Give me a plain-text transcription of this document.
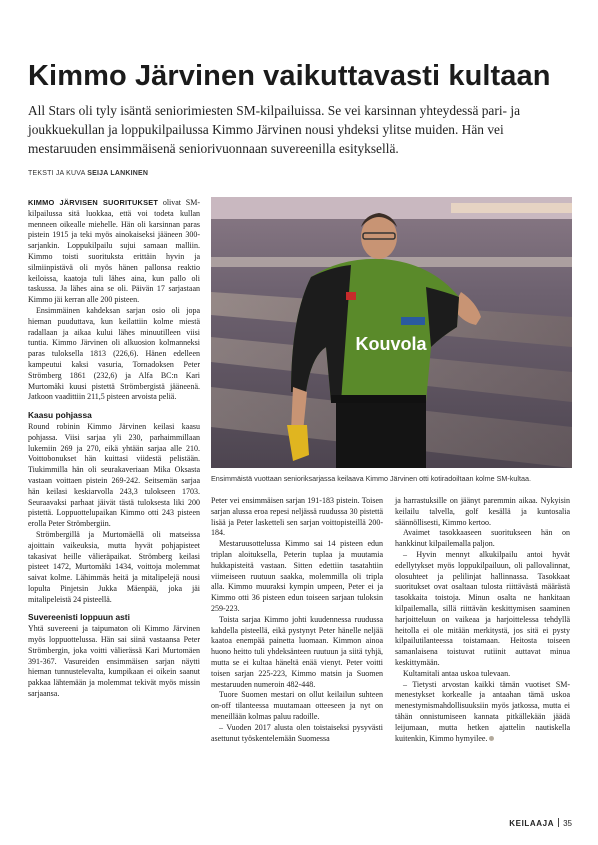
Kimmo Järvinen vaikuttavasti kultaan
All Stars oli tyly isäntä seniorimiesten SM-kilpailuissa. Se vei karsinnan yhteydessä pari- ja joukkuekullan ja loppukilpailussa Kimmo Järvinen nousi yhdeksi ylitse muiden. Hän vei mestaruuden ensimmäisenä seniorivuonnaan suvereenilla esityksellä.
TEKSTI JA KUVA SEIJA LANKINEN

KIMMO JÄRVISEN SUORITUKSET olivat SM-kilpailussa sitä luokkaa, että voi todeta kullan menneen oikealle miehelle. Hän oli karsinnan paras pistein 1915 ja teki myös ainokaiseksi jääneen 300-sarjankin. Loppukilpailu sujui samaan malliin. Kimmo toisti suorituksta erittäin hyvin ja silmiinpistävä oli myös hänen pallonsa reaktio keiloissa, kaatoja tuli lähes aina, kun pallo oli taskussa. Ja lähes aina se oli. Päivän 17 sarjastaan Kimmo jäi kerran alle 200 pisteen.

Ensimmäinen kahdeksan sarjan osio oli jopa hieman puuduttava, kun keilattiin kolme miestä radallaan ja aikaa kului lähes minuutilleen viisi tuntia. Kimmo Järvinen oli alkuosion kolmanneksi paras tuloksella 1813 (226,6). Hänen edelleen kampeutui kaksi vasuria, Tornadoksen Peter Strömberg 1861 (232,6) ja Alfa BC:n Kari Murtomäki kuusi pistettä Strömbergistä jääneenä. Jatkoon vaadittiin 211,5 pisteen arvoista peliä.

Kaasu pohjassa

Round robinin Kimmo Järvinen keilasi kaasu pohjassa. Viisi sarjaa yli 230, parhaimmillaan lukemiin 269 ja 270, eikä yhtään sarjaa alle 210. Voittobonukset hän kuittasi viidestä pelistään. Tiukimmilla hän oli seurakaveriaan Mika Oksasta vastaan voittaen pistein 269-242. Seitsemän sarjaa hän keilasi keskiarvolla 243,3 tulokseen 1703. Seuraavaksi parhaat jäivät tästä tuloksesta liki 200 pistettä. Loppuottelupaikan Kimmo otti 243 pisteen erolla Peter Strömbergiin.

Strömbergillä ja Murtomäellä oli matseissa ajoittain vaikeuksia, mutta hyvät pohjapisteet takasivat heille välieräpaikat. Strömberg keilasi pisteet 1472, Murtomäki 1434, voittoja molemmat saivat kolme. Lähimmäs heitä ja mitalipelejä nousi lopulta Pinjetsin Jukka Mäenpää, joka jäi mitalipeleistä 24 pisteellä.

Suvereenisti loppuun asti

Yhtä suvereeni ja taipumaton oli Kimmo Järvinen myös loppuottelussa. Hän sai siinä vastaansa Peter Strömbergin, joka voitti välierässä Kari Murtomäen 391-367. Vasureiden ensimmäisen sarjan näytti hieman tunnustelevalta, kumpikaan ei oikein saanut pakkaa lähtemään ja molemmat tekivät myös missin sarjaansa.

Kouvola
Ensimmäistä vuottaan senioriksarjassa keilaava Kimmo Järvinen otti kotiradoiltaan kolme SM-kultaa.

Peter vei ensimmäisen sarjan 191-183 pistein. Toisen sarjan alussa eroa repesi neljässä ruudussa 30 pistettä lisää ja Peter lasketteli sen sarjan voittopisteillä 200-184.

Mestaruusottelussa Kimmo sai 14 pisteen edun triplan aloituksella, Peterin tuplaa ja muutamia hukkapisteitä vastaan. Sitten edettiin tasatahtiin viimeiseen ruutuun saakka, molemmilla oli tripla alla. Kimmo muuraksi kympin umpeen, Peter ei ja Kimmo otti 36 pisteen edun toiseen sarjaan tuloksin 259-223.

Toista sarjaa Kimmo johti kuudennessa ruudussa kahdella pisteellä, eikä pystynyt Peter hänelle neljää kaatoa enempää painetta luomaan. Kimmon ainoa huono heitto tuli yhdeksänteen ruutuun ja siitä tyhjä, mutta se ei kultaa häneltä enää vienyt. Peter voitti toisen sarjan 225-223, Kimmo matsin ja Suomen mestaruuden numeroin 482-448.

Tuore Suomen mestari on ollut keilailun suhteen on-off tilanteessa muutamaan otteeseen ja nyt on meneillään kolmas paluu radoille.

– Vuoden 2017 alusta olen toistaiseksi pysyvästi asettunut työskentelemään Suomessa

ja harrastuksille on jäänyt paremmin aikaa. Nykyisin keilailu talvella, golf kesällä ja kuntosalia säännöllisesti, Kimmo kertoo.

Avaimet tasokkaaseen suoritukseen hän on hankkinut kilpailemalla paljon.

– Hyvin mennyt alkukilpailu antoi hyvät edellytykset myös loppukilpailuun, oli pallovalinnat, olosuhteet ja pelilinjat hallinnassa. Tasokkaat suoritukset ovat osaltaan tulosta riittävästä määrästä tasokkaita toistoja. Minun osalta ne hankitaan kilpailemalla, sillä riittävän keskittymisen saaminen harjoitteluun on vaikeaa ja harjoittelessa tehdyllä heitolla ei ole mitään merkitystä, jos sitä ei pysty kilpailutilanteessa toistamaan. Heitosta toiseen samanlaisena toistuvat rutiinit auttavat minua keskittymään.

Kultamitali antaa uskoa tulevaan.

– Tietysti arvostan kaikki tämän vuotiset SM-menestykset korkealle ja antaahan tämä uskoa menestymismahdollisuuksiin myös jatkossa, mutta ei tähän onnistumiseen kannata pitkällekään jäädä leijumaan, mutta hetken ajattelin nautiskella kuitenkin, Kimmo hymyilee.

KEILAAJA 35
